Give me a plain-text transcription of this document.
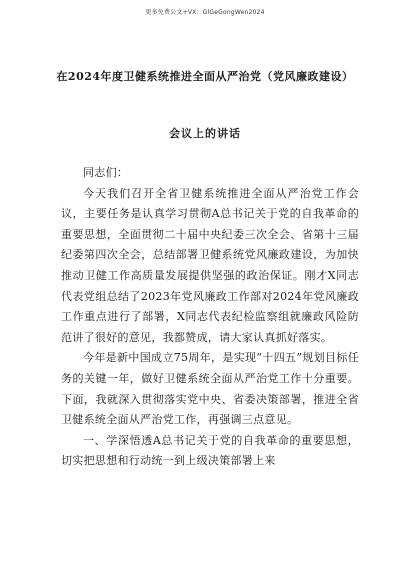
更多免费公文+VX：GlGeGongWen2024
在2024年度卫健系统推进全面从严治党（党风廉政建设）
会议上的讲话

同志们：

今天我们召开全省卫健系统推进全面从严治党工作会议，主要任务是认真学习贯彻A总书记关于党的自我革命的重要思想，全面贯彻二十届中央纪委三次全会、省第十三届纪委第四次全会，总结部署卫健系统党风廉政建设，为加快推动卫健工作高质量发展提供坚强的政治保证。刚才X同志代表党组总结了2023年党风廉政工作部对2024年党风廉政工作重点进行了部署，X同志代表纪检监察组就廉政风险防范讲了很好的意见，我都赞成，请大家认真抓好落实。

今年是新中国成立75周年，是实现“十四五”规划目标任务的关键一年，做好卫健系统全面从严治党工作十分重要。下面，我就深入贯彻落实党中央、省委决策部署，推进全省卫健系统全面从严治党工作，再强调三点意见。

一、学深悟透A总书记关于党的自我革命的重要思想，切实把思想和行动统一到上级决策部署上来
